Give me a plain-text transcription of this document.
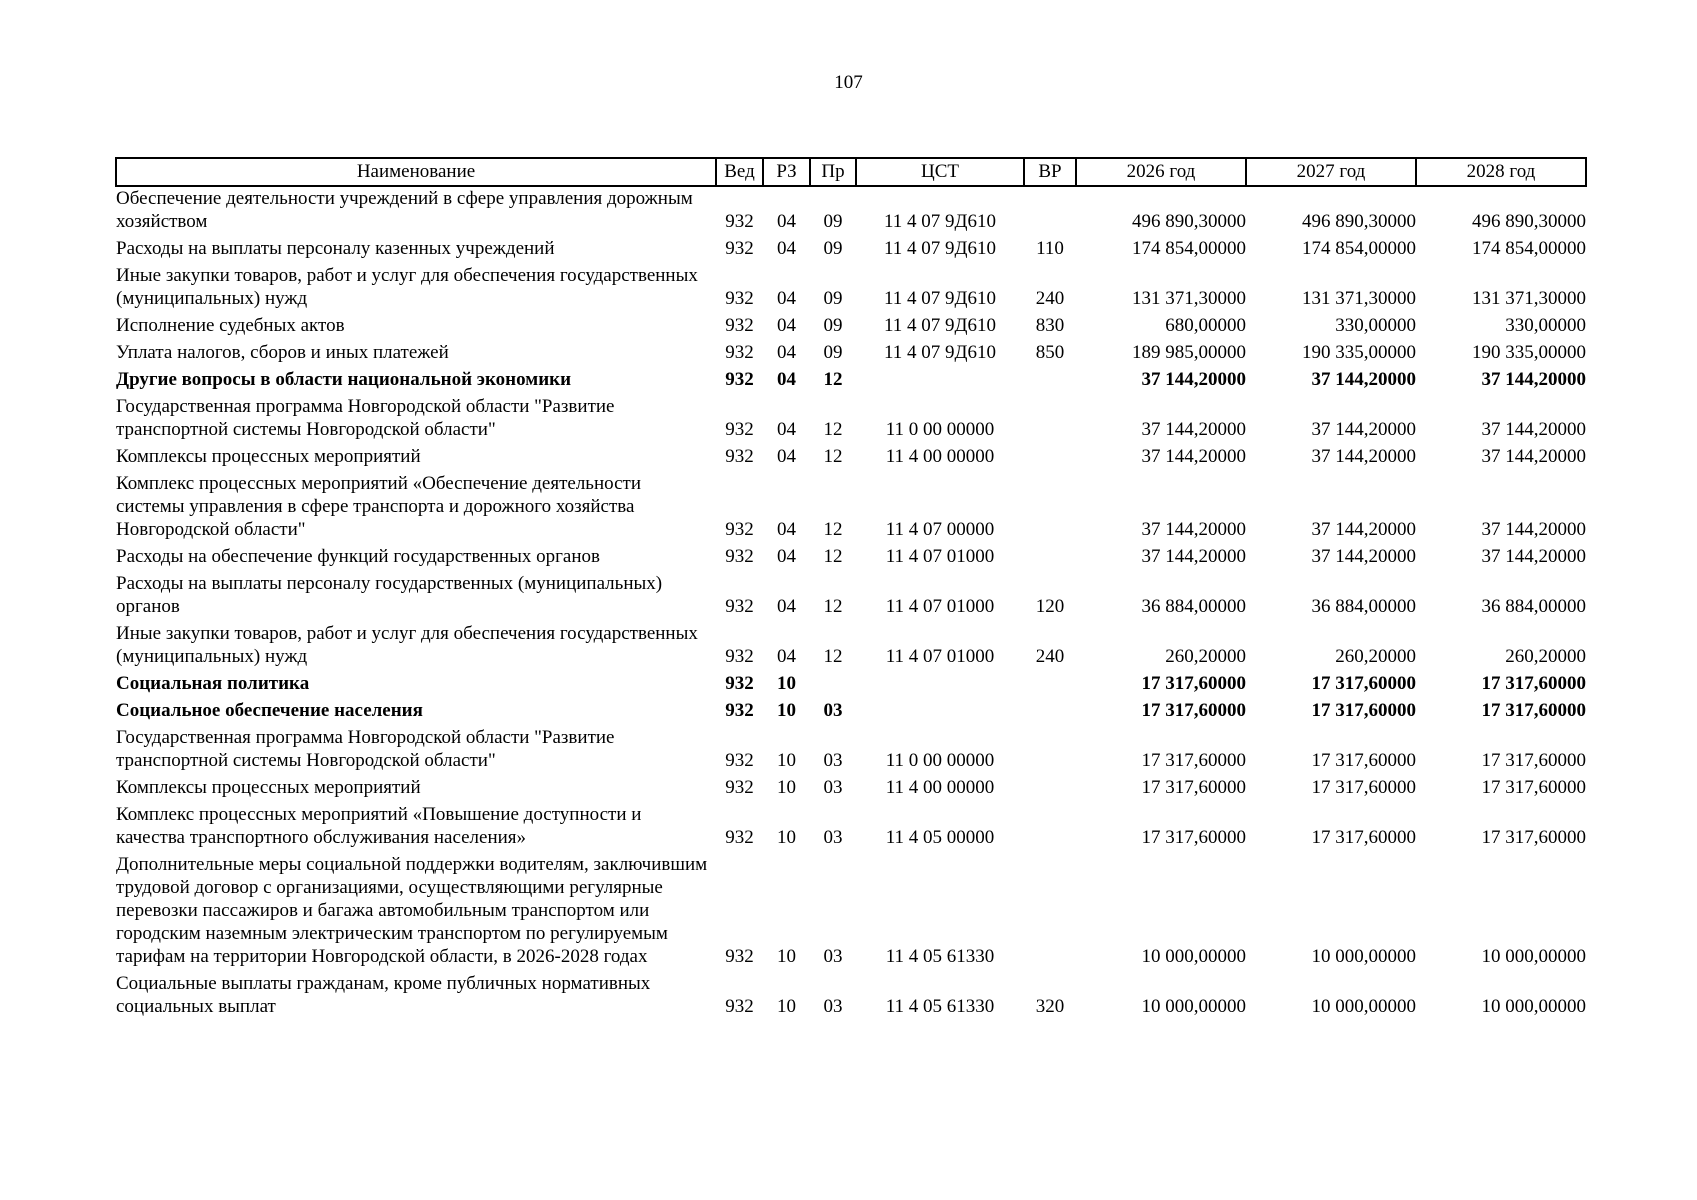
107
Наименование	Вед	РЗ	Пр	ЦСТ	ВР	2026 год	2027 год	2028 год
Обеспечение деятельности учреждений в сфере управления дорожным хозяйством	932	04	09	11 4 07 9Д610		496 890,30000	496 890,30000	496 890,30000
Расходы на выплаты персоналу казенных учреждений	932	04	09	11 4 07 9Д610	110	174 854,00000	174 854,00000	174 854,00000
Иные закупки товаров, работ и услуг для обеспечения государственных (муниципальных) нужд	932	04	09	11 4 07 9Д610	240	131 371,30000	131 371,30000	131 371,30000
Исполнение судебных актов	932	04	09	11 4 07 9Д610	830	680,00000	330,00000	330,00000
Уплата налогов, сборов и иных платежей	932	04	09	11 4 07 9Д610	850	189 985,00000	190 335,00000	190 335,00000
Другие вопросы в области национальной экономики	932	04	12			37 144,20000	37 144,20000	37 144,20000
Государственная программа Новгородской области "Развитие транспортной системы Новгородской области"	932	04	12	11 0 00 00000		37 144,20000	37 144,20000	37 144,20000
Комплексы процессных мероприятий	932	04	12	11 4 00 00000		37 144,20000	37 144,20000	37 144,20000
Комплекс процессных мероприятий «Обеспечение деятельности системы управления в сфере транспорта и дорожного хозяйства Новгородской области"	932	04	12	11 4 07 00000		37 144,20000	37 144,20000	37 144,20000
Расходы на обеспечение функций государственных органов	932	04	12	11 4 07 01000		37 144,20000	37 144,20000	37 144,20000
Расходы на выплаты персоналу государственных (муниципальных) органов	932	04	12	11 4 07 01000	120	36 884,00000	36 884,00000	36 884,00000
Иные закупки товаров, работ и услуг для обеспечения государственных (муниципальных) нужд	932	04	12	11 4 07 01000	240	260,20000	260,20000	260,20000
Социальная политика	932	10				17 317,60000	17 317,60000	17 317,60000
Социальное обеспечение населения	932	10	03			17 317,60000	17 317,60000	17 317,60000
Государственная программа Новгородской области "Развитие транспортной системы Новгородской области"	932	10	03	11 0 00 00000		17 317,60000	17 317,60000	17 317,60000
Комплексы процессных мероприятий	932	10	03	11 4 00 00000		17 317,60000	17 317,60000	17 317,60000
Комплекс процессных мероприятий «Повышение доступности и качества транспортного обслуживания населения»	932	10	03	11 4 05 00000		17 317,60000	17 317,60000	17 317,60000
Дополнительные меры социальной поддержки водителям, заключившим трудовой договор с организациями, осуществляющими регулярные перевозки пассажиров и багажа автомобильным транспортом или городским наземным электрическим транспортом по регулируемым тарифам на территории Новгородской области, в 2026-2028 годах	932	10	03	11 4 05 61330		10 000,00000	10 000,00000	10 000,00000
Социальные выплаты гражданам, кроме публичных нормативных социальных выплат	932	10	03	11 4 05 61330	320	10 000,00000	10 000,00000	10 000,00000
